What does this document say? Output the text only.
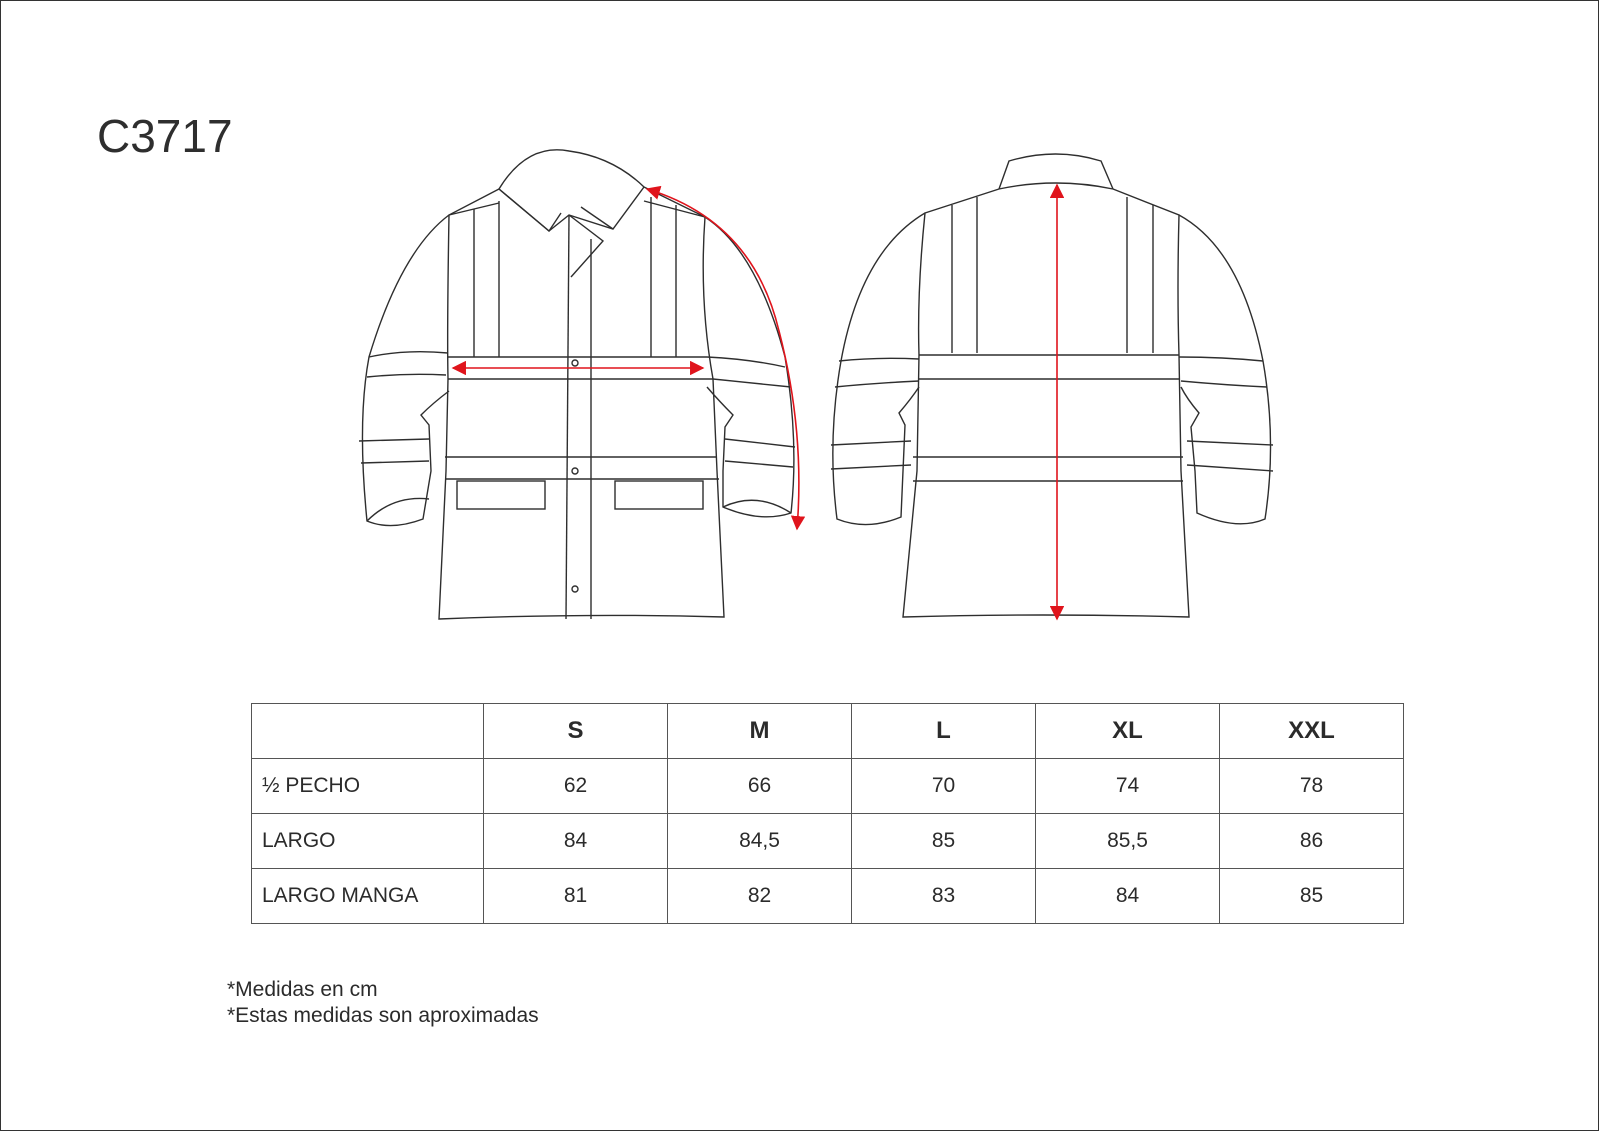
C3717
	S	M	L	XL	XXL
½ PECHO	62	66	70	74	78
LARGO	84	84,5	85	85,5	86
LARGO MANGA	81	82	83	84	85
*Medidas en cm
*Estas medidas son aproximadas
